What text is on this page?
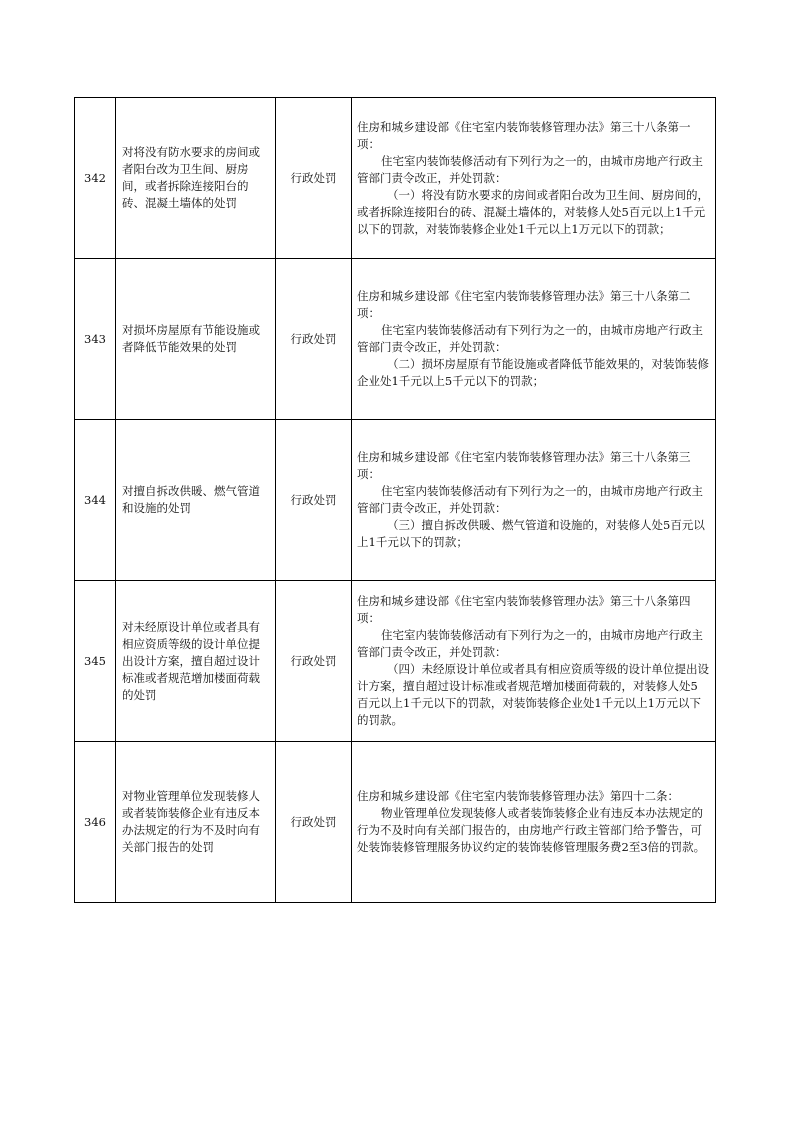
342	对将没有防水要求的房间或者阳台改为卫生间、厨房间，或者拆除连接阳台的砖、混凝土墙体的处罚	行政处罚	住房和城乡建设部《住宅室内装饰装修管理办法》第三十八条第一项：

住宅室内装饰装修活动有下列行为之一的，由城市房地产行政主管部门责令改正，并处罚款：

（一）将没有防水要求的房间或者阳台改为卫生间、厨房间的，或者拆除连接阳台的砖、混凝土墙体的，对装修人处5百元以上1千元以下的罚款，对装饰装修企业处1千元以上1万元以下的罚款；

343	对损坏房屋原有节能设施或者降低节能效果的处罚	行政处罚	住房和城乡建设部《住宅室内装饰装修管理办法》第三十八条第二项：

住宅室内装饰装修活动有下列行为之一的，由城市房地产行政主管部门责令改正，并处罚款：

（二）损坏房屋原有节能设施或者降低节能效果的，对装饰装修企业处1千元以上5千元以下的罚款；

344	对擅自拆改供暖、燃气管道和设施的处罚	行政处罚	住房和城乡建设部《住宅室内装饰装修管理办法》第三十八条第三项：

住宅室内装饰装修活动有下列行为之一的，由城市房地产行政主管部门责令改正，并处罚款：

（三）擅自拆改供暖、燃气管道和设施的，对装修人处5百元以上1千元以下的罚款；

345	对未经原设计单位或者具有相应资质等级的设计单位提出设计方案，擅自超过设计标准或者规范增加楼面荷载的处罚	行政处罚	住房和城乡建设部《住宅室内装饰装修管理办法》第三十八条第四项：

住宅室内装饰装修活动有下列行为之一的，由城市房地产行政主管部门责令改正，并处罚款：

（四）未经原设计单位或者具有相应资质等级的设计单位提出设计方案，擅自超过设计标准或者规范增加楼面荷载的，对装修人处5百元以上1千元以下的罚款，对装饰装修企业处1千元以上1万元以下的罚款。

346	对物业管理单位发现装修人或者装饰装修企业有违反本办法规定的行为不及时向有关部门报告的处罚	行政处罚	住房和城乡建设部《住宅室内装饰装修管理办法》第四十二条：

物业管理单位发现装修人或者装饰装修企业有违反本办法规定的行为不及时向有关部门报告的，由房地产行政主管部门给予警告，可处装饰装修管理服务协议约定的装饰装修管理服务费2至3倍的罚款。
